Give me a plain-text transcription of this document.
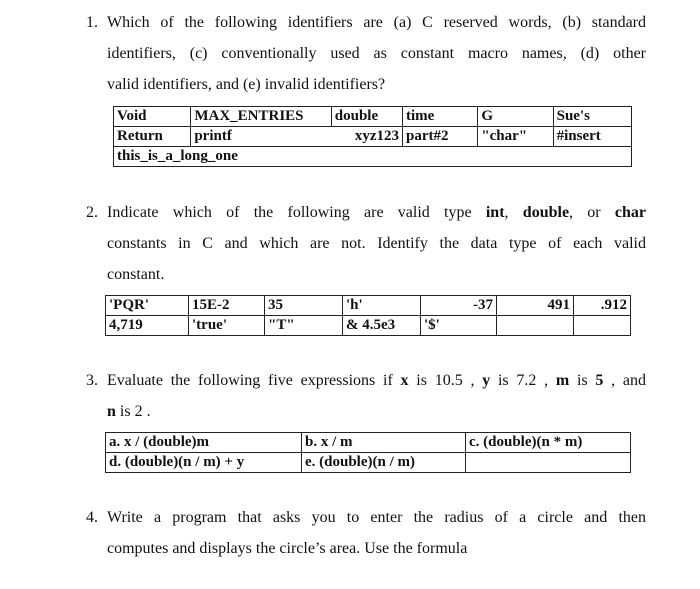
1. Which of the following identifiers are (a) C reserved words, (b) standard
identifiers, (c) conventionally used as constant macro names, (d) other
valid identifiers, and (e) invalid identifiers?
Void	MAX_ENTRIES	double	time	G	Sue's
Return	printf	xyz123	part#2	"char"	#insert
this_is_a_long_one					
2. Indicate which of the following are valid type int, double, or char
constants in C and which are not. Identify the data type of each valid
constant.
'PQR'	15E-2	35	'h'	-37	491	.912
4,719	'true'	"T"	& 4.5e3	'$'		
3. Evaluate the following five expressions if x is 10.5 , y is 7.2 , m is 5 , and
n is 2 .
a. x / (double)m	b. x / m	c. (double)(n * m)
d. (double)(n / m) + y	e. (double)(n / m)	
4. Write a program that asks you to enter the radius of a circle and then
computes and displays the circle’s area. Use the formula
